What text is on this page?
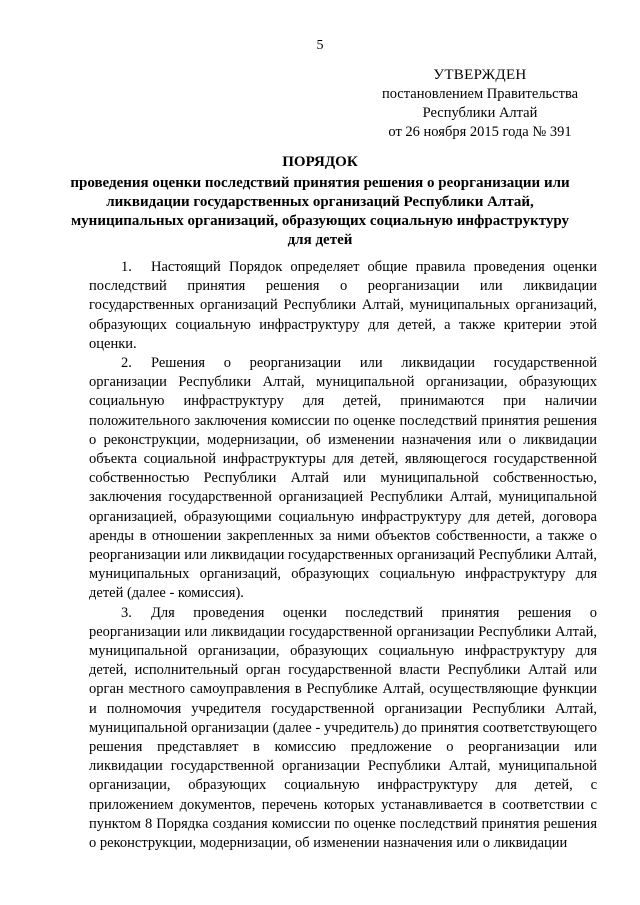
5
УТВЕРЖДЕН
постановлением Правительства
Республики Алтай
от 26 ноября 2015 года № 391
ПОРЯДОК
проведения оценки последствий принятия решения о реорганизации или ликвидации государственных организаций Республики Алтай, муниципальных организаций, образующих социальную инфраструктуру для детей

1. Настоящий Порядок определяет общие правила проведения оценки последствий принятия решения о реорганизации или ликвидации государственных организаций Республики Алтай, муниципальных организаций, образующих социальную инфраструктуру для детей, а также критерии этой оценки.

2. Решения о реорганизации или ликвидации государственной организации Республики Алтай, муниципальной организации, образующих социальную инфраструктуру для детей, принимаются при наличии положительного заключения комиссии по оценке последствий принятия решения о реконструкции, модернизации, об изменении назначения или о ликвидации объекта социальной инфраструктуры для детей, являющегося государственной собственностью Республики Алтай или муниципальной собственностью, заключения государственной организацией Республики Алтай, муниципальной организацией, образующими социальную инфраструктуру для детей, договора аренды в отношении закрепленных за ними объектов собственности, а также о реорганизации или ликвидации государственных организаций Республики Алтай, муниципальных организаций, образующих социальную инфраструктуру для детей (далее - комиссия).

3. Для проведения оценки последствий принятия решения о реорганизации или ликвидации государственной организации Республики Алтай, муниципальной организации, образующих социальную инфраструктуру для детей, исполнительный орган государственной власти Республики Алтай или орган местного самоуправления в Республике Алтай, осуществляющие функции и полномочия учредителя государственной организации Республики Алтай, муниципальной организации (далее - учредитель) до принятия соответствующего решения представляет в комиссию предложение о реорганизации или ликвидации государственной организации Республики Алтай, муниципальной организации, образующих социальную инфраструктуру для детей, с приложением документов, перечень которых устанавливается в соответствии с пунктом 8 Порядка создания комиссии по оценке последствий принятия решения о реконструкции, модернизации, об изменении назначения или о ликвидации
